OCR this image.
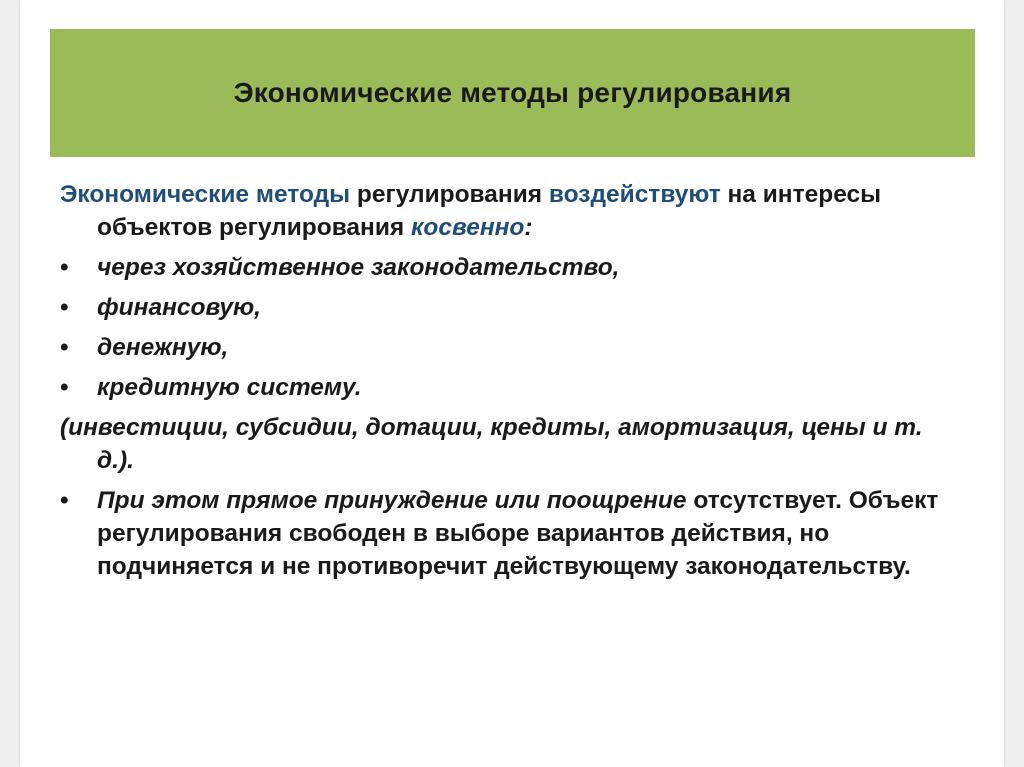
Экономические методы регулирования

Экономические методы регулирования воздействуют на интересы объектов регулирования косвенно:

•	через хозяйственное законодательство,
•	финансовую,
•	денежную,
•	кредитную систему.

(инвестиции, субсидии, дотации, кредиты, амортизация, цены и т. д.).

•	При этом прямое принуждение или поощрение отсутствует. Объект регулирования свободен в выборе вариантов действия, но подчиняется и не противоречит действующему законодательству.
